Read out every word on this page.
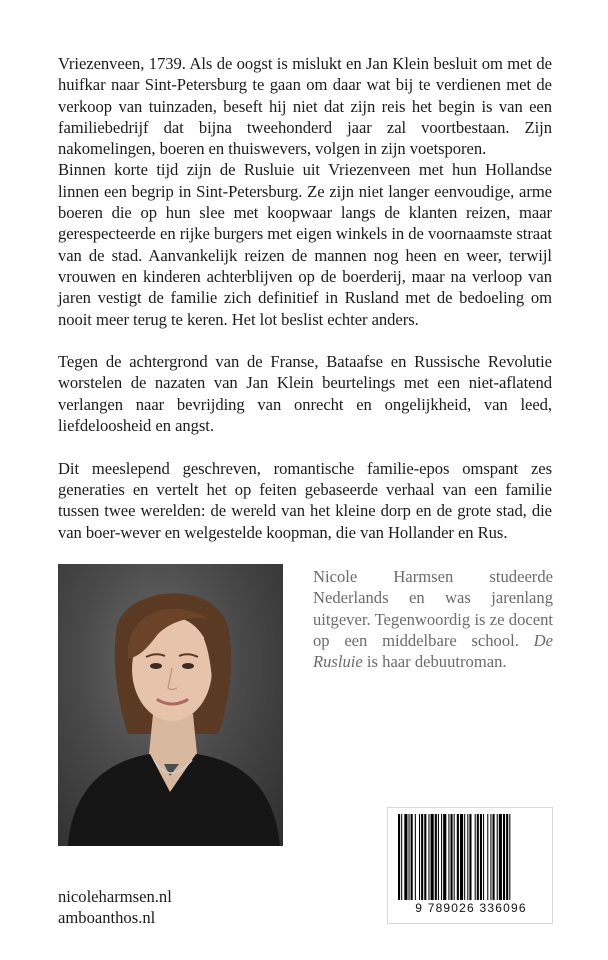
Vriezenveen, 1739. Als de oogst is mislukt en Jan Klein besluit om met de huifkar naar Sint-Petersburg te gaan om daar wat bij te verdienen met de verkoop van tuinzaden, beseft hij niet dat zijn reis het begin is van een familiebedrijf dat bijna tweehonderd jaar zal voortbestaan. Zijn nakomelingen, boeren en thuiswevers, volgen in zijn voetsporen.

Binnen korte tijd zijn de Rusluie uit Vriezenveen met hun Hollandse linnen een begrip in Sint-Petersburg. Ze zijn niet langer eenvoudige, arme boeren die op hun slee met koopwaar langs de klanten reizen, maar gerespecteerde en rijke burgers met eigen winkels in de voornaamste straat van de stad. Aanvankelijk reizen de mannen nog heen en weer, terwijl vrouwen en kinderen achterblijven op de boerderij, maar na verloop van jaren vestigt de familie zich definitief in Rusland met de bedoeling om nooit meer terug te keren. Het lot beslist echter anders.

Tegen de achtergrond van de Franse, Bataafse en Russische Revolutie worstelen de nazaten van Jan Klein beurtelings met een niet-aflatend verlangen naar bevrijding van onrecht en ongelijkheid, van leed, liefdeloosheid en angst.

Dit meeslepend geschreven, romantische familie-epos omspant zes generaties en vertelt het op feiten gebaseerde verhaal van een familie tussen twee werelden: de wereld van het kleine dorp en de grote stad, die van boer-wever en welgestelde koopman, die van Hollander en Rus.

Nicole Harmsen studeerde Nederlands en was jarenlang uitgever. Tegenwoordig is ze docent op een middelbare school. De Rusluie is haar debuutroman.
nicoleharmsen.nl
amboanthos.nl
9 789026 336096
